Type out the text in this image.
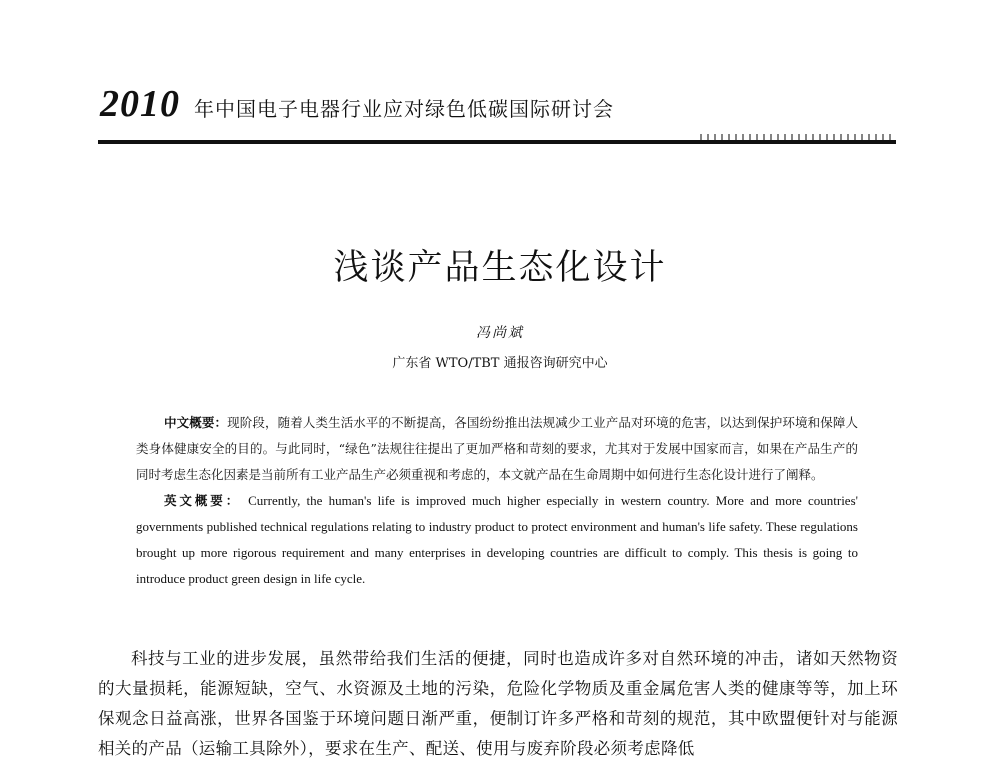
2010 年中国电子电器行业应对绿色低碳国际研讨会
浅谈产品生态化设计
冯尚斌
广东省 WTO/TBT 通报咨询研究中心

中文概要：现阶段，随着人类生活水平的不断提高，各国纷纷推出法规减少工业产品对环境的危害，以达到保护环境和保障人类身体健康安全的目的。与此同时，“绿色”法规往往提出了更加严格和苛刻的要求，尤其对于发展中国家而言，如果在产品生产的同时考虑生态化因素是当前所有工业产品生产必须重视和考虑的，本文就产品在生命周期中如何进行生态化设计进行了阐释。

英文概要： Currently, the human's life is improved much higher especially in western country. More and more countries' governments published technical regulations relating to industry product to protect environment and human's life safety. These regulations brought up more rigorous requirement and many enterprises in developing countries are difficult to comply. This thesis is going to introduce product green design in life cycle.

科技与工业的进步发展，虽然带给我们生活的便捷，同时也造成许多对自然环境的冲击，诸如天然物资的大量损耗，能源短缺，空气、水资源及土地的污染，危险化学物质及重金属危害人类的健康等等，加上环保观念日益高涨，世界各国鉴于环境问题日渐严重，便制订许多严格和苛刻的规范，其中欧盟便针对与能源相关的产品（运输工具除外），要求在生产、配送、使用与废弃阶段必须考虑降低
